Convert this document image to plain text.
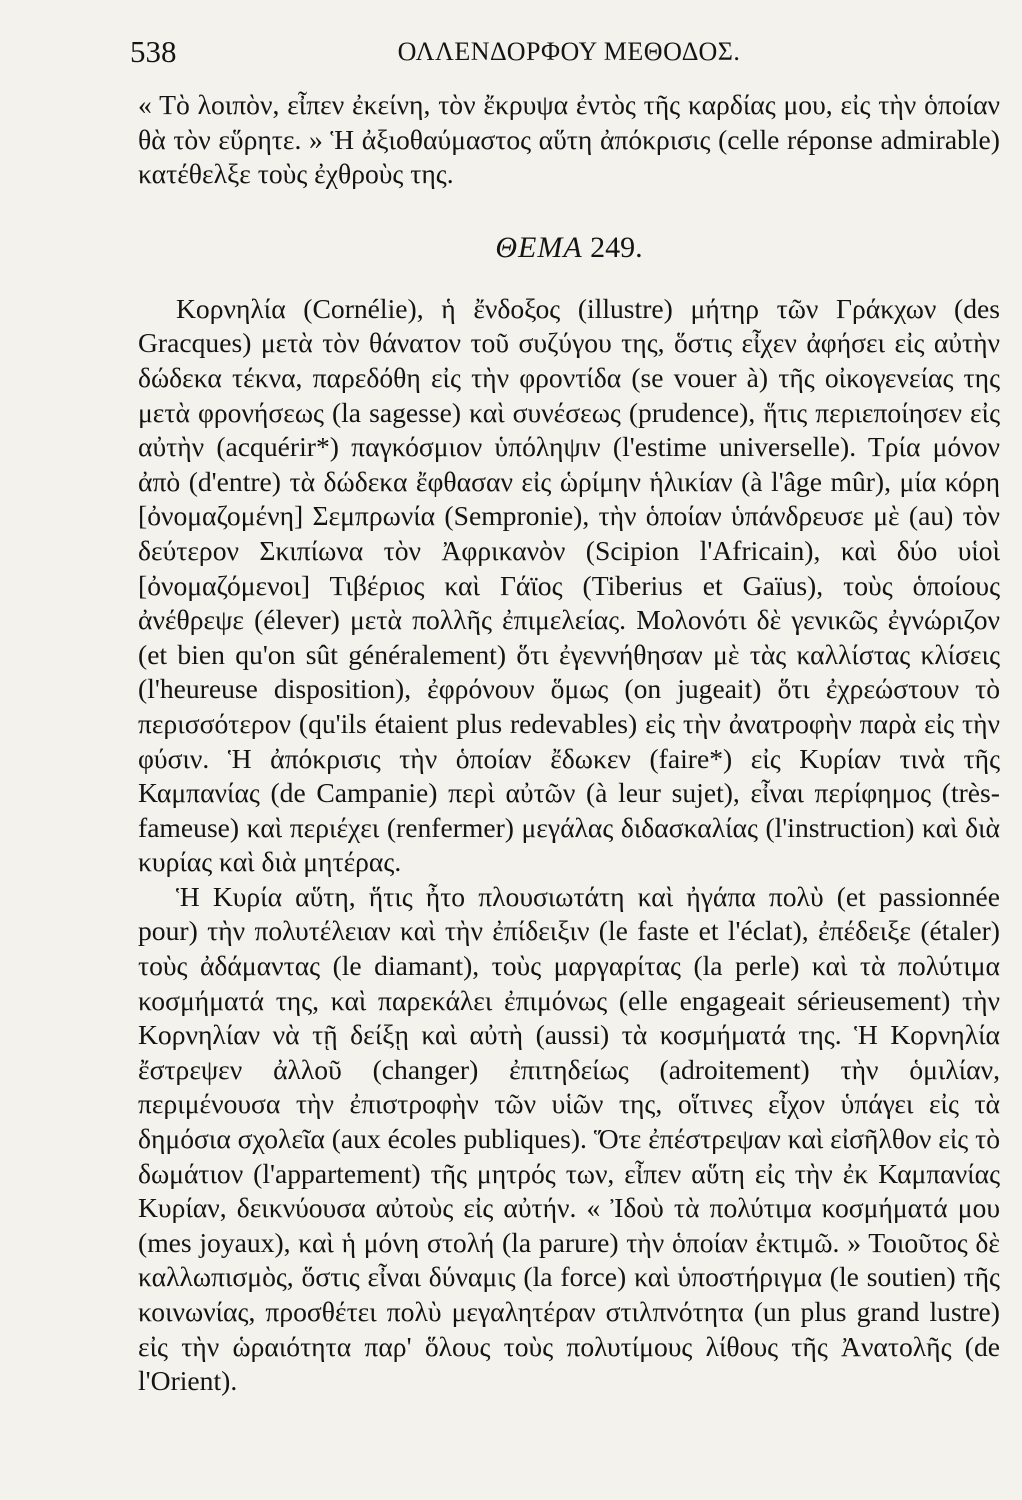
538	ΟΛΛΕΝΔΟΡΦΟΥ ΜΕΘΟΔΟΣ.

« Τὸ λοιπὸν, εἶπεν ἐκείνη, τὸν ἔκρυψα ἐντὸς τῆς καρδίας μου, εἰς τὴν ὁποίαν θὰ τὸν εὕρητε. » Ἡ ἀξιοθαύμαστος αὕτη ἀπόκρισις (celle réponse admirable) κατέθελξε τοὺς ἐχθροὺς της.

ΘΕΜΑ 249.

Κορνηλία (Cornélie), ἡ ἔνδοξος (illustre) μήτηρ τῶν Γράκχων (des Gracques) μετὰ τὸν θάνατον τοῦ συζύγου της, ὅστις εἶχεν ἀφήσει εἰς αὐτὴν δώδεκα τέκνα, παρεδόθη εἰς τὴν φροντίδα (se vouer à) τῆς οἰκογενείας της μετὰ φρονήσεως (la sagesse) καὶ συνέσεως (prudence), ἥτις περιεποίησεν εἰς αὐτὴν (acquérir*) παγκόσμιον ὑπόληψιν (l'estime universelle). Τρία μόνον ἀπὸ (d'entre) τὰ δώδεκα ἔφθασαν εἰς ὡρίμην ἡλικίαν (à l'âge mûr), μία κόρη [ὀνομαζομένη] Σεμπρωνία (Sempronie), τὴν ὁποίαν ὑπάνδρευσε μὲ (au) τὸν δεύτερον Σκιπίωνα τὸν Ἀφρικανὸν (Scipion l'Africain), καὶ δύο υἱοὶ [ὀνομαζόμενοι] Τιβέριος καὶ Γάϊος (Tiberius et Gaïus), τοὺς ὁποίους ἀνέθρεψε (élever) μετὰ πολλῆς ἐπιμελείας. Μολονότι δὲ γενικῶς ἐγνώριζον (et bien qu'on sût généralement) ὅτι ἐγεννήθησαν μὲ τὰς καλλίστας κλίσεις (l'heureuse disposition), ἐφρόνουν ὅμως (on jugeait) ὅτι ἐχρεώστουν τὸ περισσότερον (qu'ils étaient plus redevables) εἰς τὴν ἀνατροφὴν παρὰ εἰς τὴν φύσιν. Ἡ ἀπόκρισις τὴν ὁποίαν ἔδωκεν (faire*) εἰς Κυρίαν τινὰ τῆς Καμπανίας (de Campanie) περὶ αὐτῶν (à leur sujet), εἶναι περίφημος (très-fameuse) καὶ περιέχει (renfermer) μεγάλας διδασκαλίας (l'instruction) καὶ διὰ κυρίας καὶ διὰ μητέρας.

Ἡ Κυρία αὕτη, ἥτις ἦτο πλουσιωτάτη καὶ ἠγάπα πολὺ (et passionnée pour) τὴν πολυτέλειαν καὶ τὴν ἐπίδειξιν (le faste et l'éclat), ἐπέδειξε (étaler) τοὺς ἀδάμαντας (le diamant), τοὺς μαργαρίτας (la perle) καὶ τὰ πολύτιμα κοσμήματά της, καὶ παρεκάλει ἐπιμόνως (elle engageait sérieusement) τὴν Κορνηλίαν νὰ τῇ δείξῃ καὶ αὐτὴ (aussi) τὰ κοσμήματά της. Ἡ Κορνηλία ἔστρεψεν ἀλλοῦ (changer) ἐπιτηδείως (adroitement) τὴν ὁμιλίαν, περιμένουσα τὴν ἐπιστροφὴν τῶν υἱῶν της, οἵτινες εἶχον ὑπάγει εἰς τὰ δημόσια σχολεῖα (aux écoles publiques). Ὅτε ἐπέστρεψαν καὶ εἰσῆλθον εἰς τὸ δωμάτιον (l'appartement) τῆς μητρός των, εἶπεν αὕτη εἰς τὴν ἐκ Καμπανίας Κυρίαν, δεικνύουσα αὐτοὺς εἰς αὐτήν. « Ἰδοὺ τὰ πολύτιμα κοσμήματά μου (mes joyaux), καὶ ἡ μόνη στολή (la parure) τὴν ὁποίαν ἐκτιμῶ. » Τοιοῦτος δὲ καλλωπισμὸς, ὅστις εἶναι δύναμις (la force) καὶ ὑποστήριγμα (le soutien) τῆς κοινωνίας, προσθέτει πολὺ μεγαλητέραν στιλπνότητα (un plus grand lustre) εἰς τὴν ὡραιότητα παρ' ὅλους τοὺς πολυτίμους λίθους τῆς Ἀνατολῆς (de l'Orient).
